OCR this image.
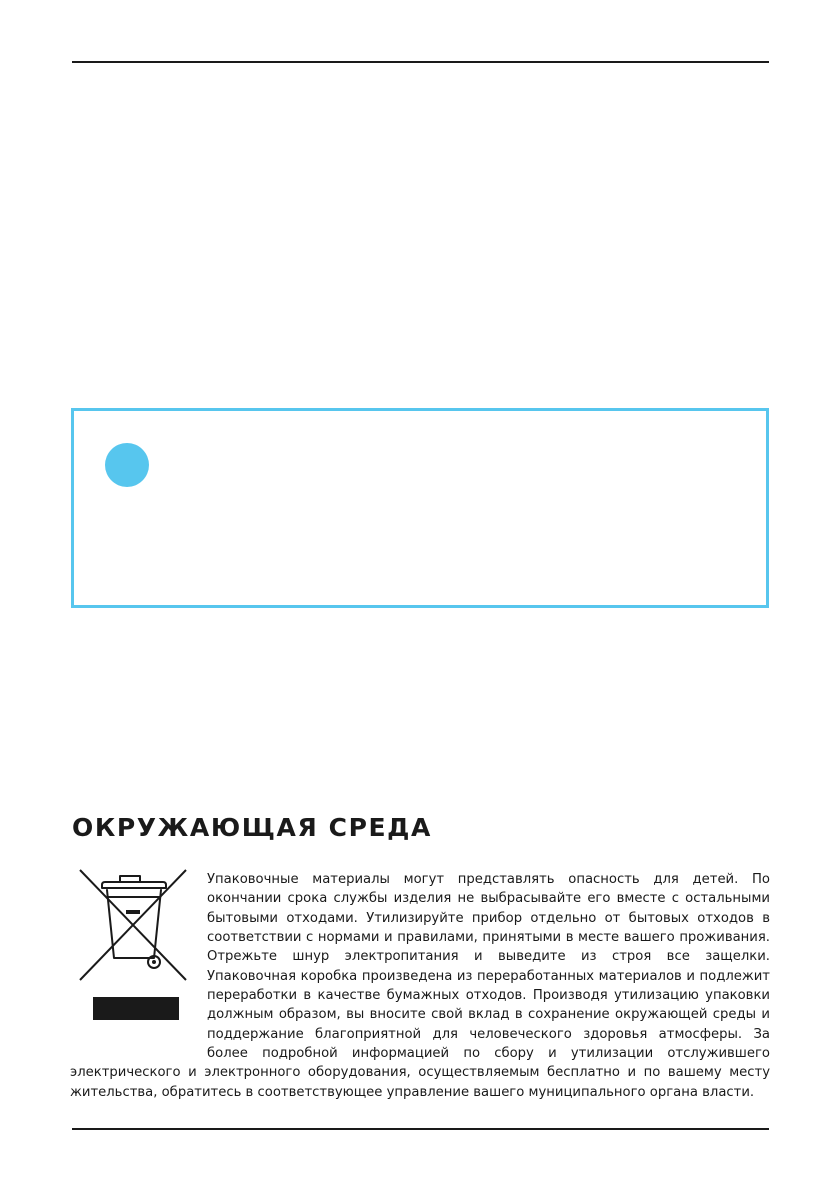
ОКРУЖАЮЩАЯ СРЕДА

Упаковочные материалы могут представлять опасность для детей. По окончании срока службы изделия не выбрасывайте его вместе с остальными бытовыми отходами. Утилизируйте прибор отдельно от бытовых отходов в соответствии с нормами и правилами, принятыми в месте вашего проживания. Отрежьте шнур электропитания и выведите из строя все защелки. Упаковочная коробка произведена из переработанных материалов и подлежит переработки в качестве бумажных отходов. Производя утилизацию упаковки должным образом, вы вносите свой вклад в сохранение окружающей среды и поддержание благоприятной для человеческого здоровья атмосферы. За более подробной информацией по сбору и утилизации отслужившего электрического и электронного оборудования, осуществляемым бесплатно и по вашему месту жительства, обратитесь в соответствующее управление вашего муниципального органа власти.
